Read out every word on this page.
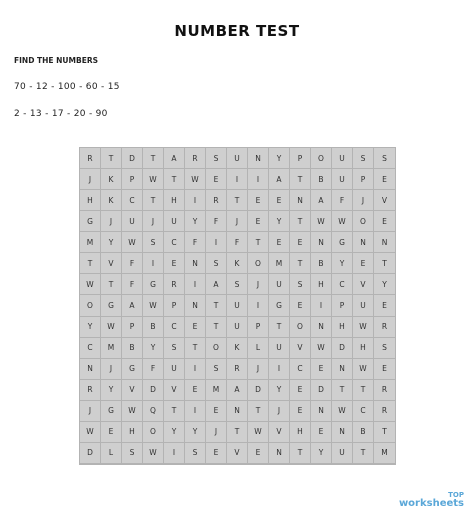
NUMBER TEST
FIND THE NUMBERS
70 - 12 - 100 - 60 - 15
2 - 13 - 17 - 20 - 90
R	T	D	T	A	R	S	U	N	Y	P	O	U	S	S
J	K	P	W	T	W	E	I	I	A	T	B	U	P	E
H	K	C	T	H	I	R	T	E	E	N	A	F	J	V
G	J	U	J	U	Y	F	J	E	Y	T	W	W	O	E
M	Y	W	S	C	F	I	F	T	E	E	N	G	N	N
T	V	F	I	E	N	S	K	O	M	T	B	Y	E	T
W	T	F	G	R	I	A	S	J	U	S	H	C	V	Y
O	G	A	W	P	N	T	U	I	G	E	I	P	U	E
Y	W	P	B	C	E	T	U	P	T	O	N	H	W	R
C	M	B	Y	S	T	O	K	L	U	V	W	D	H	S
N	J	G	F	U	I	S	R	J	I	C	E	N	W	E
R	Y	V	D	V	E	M	A	D	Y	E	D	T	T	R
J	G	W	Q	T	I	E	N	T	J	E	N	W	C	R
W	E	H	O	Y	Y	J	T	W	V	H	E	N	B	T
D	L	S	W	I	S	E	V	E	N	T	Y	U	T	M
TOP
worksheets
